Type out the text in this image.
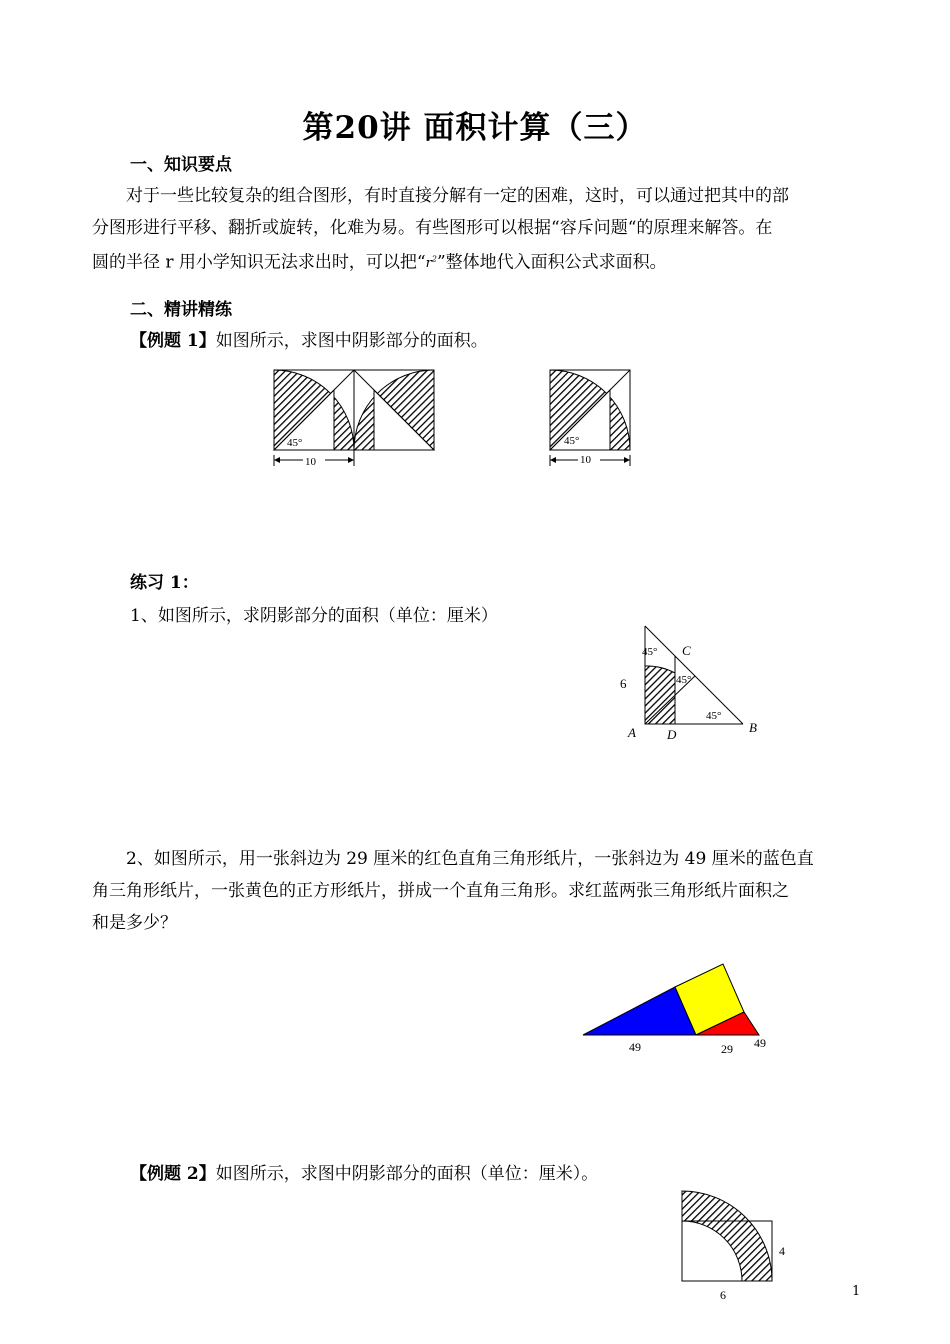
第20讲 面积计算（三）
一、知识要点
对于一些比较复杂的组合图形，有时直接分解有一定的困难，这时，可以通过把其中的部
分图形进行平移、翻折或旋转，化难为易。有些图形可以根据“容斥问题“的原理来解答。在
圆的半径 r 用小学知识无法求出时，可以把“$r^2$”整体地代入面积公式求面积。
二、精讲精练
【例题 1】如图所示，求图中阴影部分的面积。
45°
10
45°
10
练习 1：
1、如图所示，求阴影部分的面积（单位：厘米）
45°
45°
45°
6
A D
C
B
2、如图所示，用一张斜边为 29 厘米的红色直角三角形纸片，一张斜边为 49 厘米的蓝色直
角三角形纸片，一张黄色的正方形纸片，拼成一个直角三角形。求红蓝两张三角形纸片面积之
和是多少？
49	29 49
【例题 2】如图所示，求图中阴影部分的面积（单位：厘米）。
4
6	1
